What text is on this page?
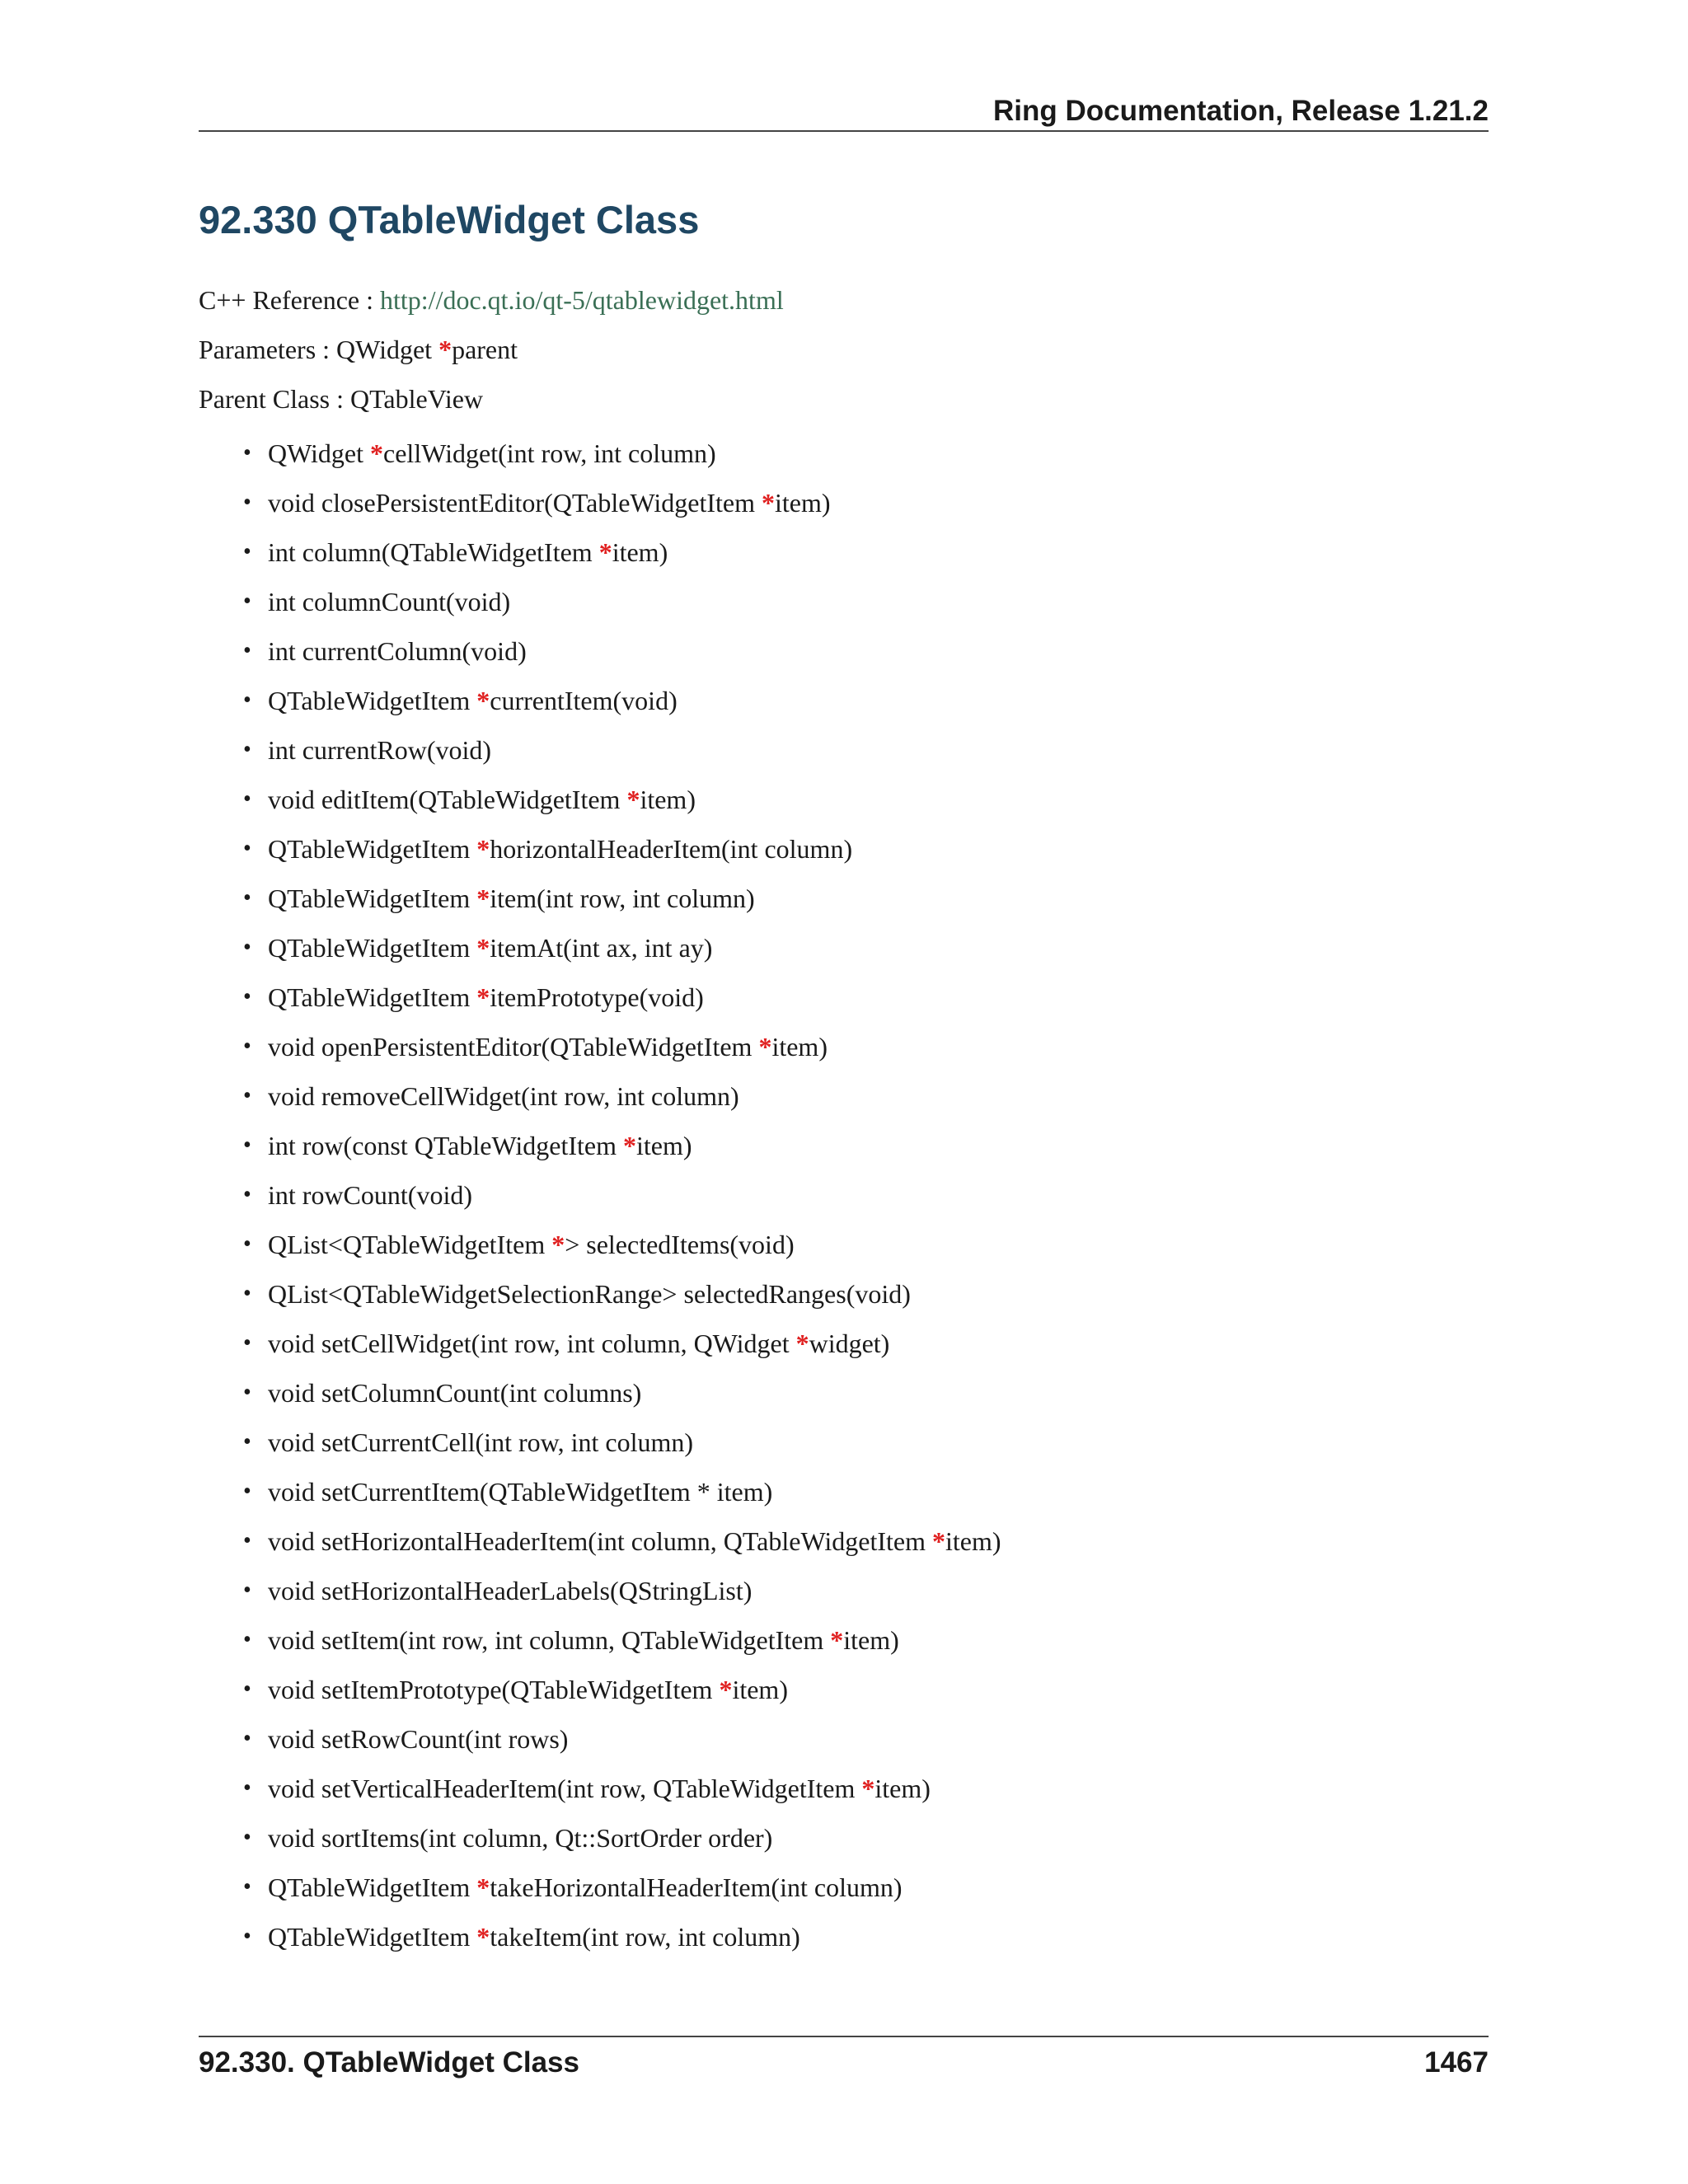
Ring Documentation, Release 1.21.2
92.330 QTableWidget Class
C++ Reference : http://doc.qt.io/qt-5/qtablewidget.html
Parameters : QWidget *parent
Parent Class : QTableView
• QWidget *cellWidget(int row, int column)
• void closePersistentEditor(QTableWidgetItem *item)
• int column(QTableWidgetItem *item)
• int columnCount(void)
• int currentColumn(void)
• QTableWidgetItem *currentItem(void)
• int currentRow(void)
• void editItem(QTableWidgetItem *item)
• QTableWidgetItem *horizontalHeaderItem(int column)
• QTableWidgetItem *item(int row, int column)
• QTableWidgetItem *itemAt(int ax, int ay)
• QTableWidgetItem *itemPrototype(void)
• void openPersistentEditor(QTableWidgetItem *item)
• void removeCellWidget(int row, int column)
• int row(const QTableWidgetItem *item)
• int rowCount(void)
• QList<QTableWidgetItem *> selectedItems(void)
• QList<QTableWidgetSelectionRange> selectedRanges(void)
• void setCellWidget(int row, int column, QWidget *widget)
• void setColumnCount(int columns)
• void setCurrentCell(int row, int column)
• void setCurrentItem(QTableWidgetItem * item)
• void setHorizontalHeaderItem(int column, QTableWidgetItem *item)
• void setHorizontalHeaderLabels(QStringList)
• void setItem(int row, int column, QTableWidgetItem *item)
• void setItemPrototype(QTableWidgetItem *item)
• void setRowCount(int rows)
• void setVerticalHeaderItem(int row, QTableWidgetItem *item)
• void sortItems(int column, Qt::SortOrder order)
• QTableWidgetItem *takeHorizontalHeaderItem(int column)
• QTableWidgetItem *takeItem(int row, int column)
92.330. QTableWidget Class	1467
